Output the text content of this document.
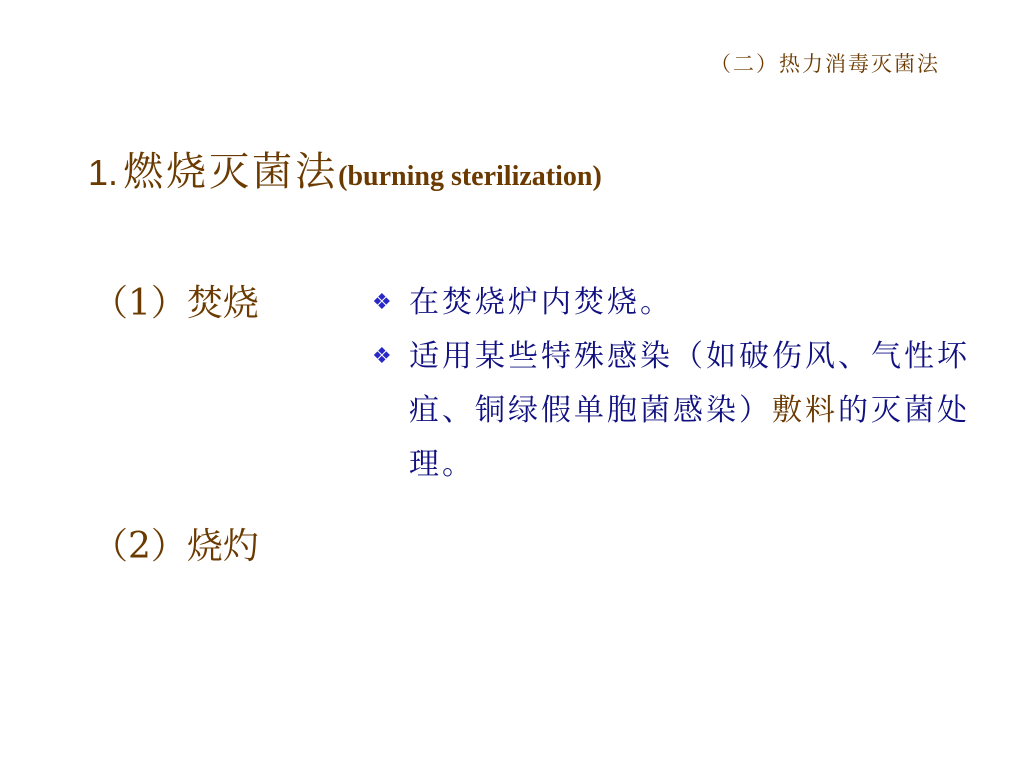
（二）热力消毒灭菌法
1. 燃烧灭菌法(burning sterilization)
（1）焚烧	❖ 在焚烧炉内焚烧。
❖ 适用某些特殊感染（如破伤风、气性坏疽、铜绿假单胞菌感染）敷料的灭菌处理。
（2）烧灼
